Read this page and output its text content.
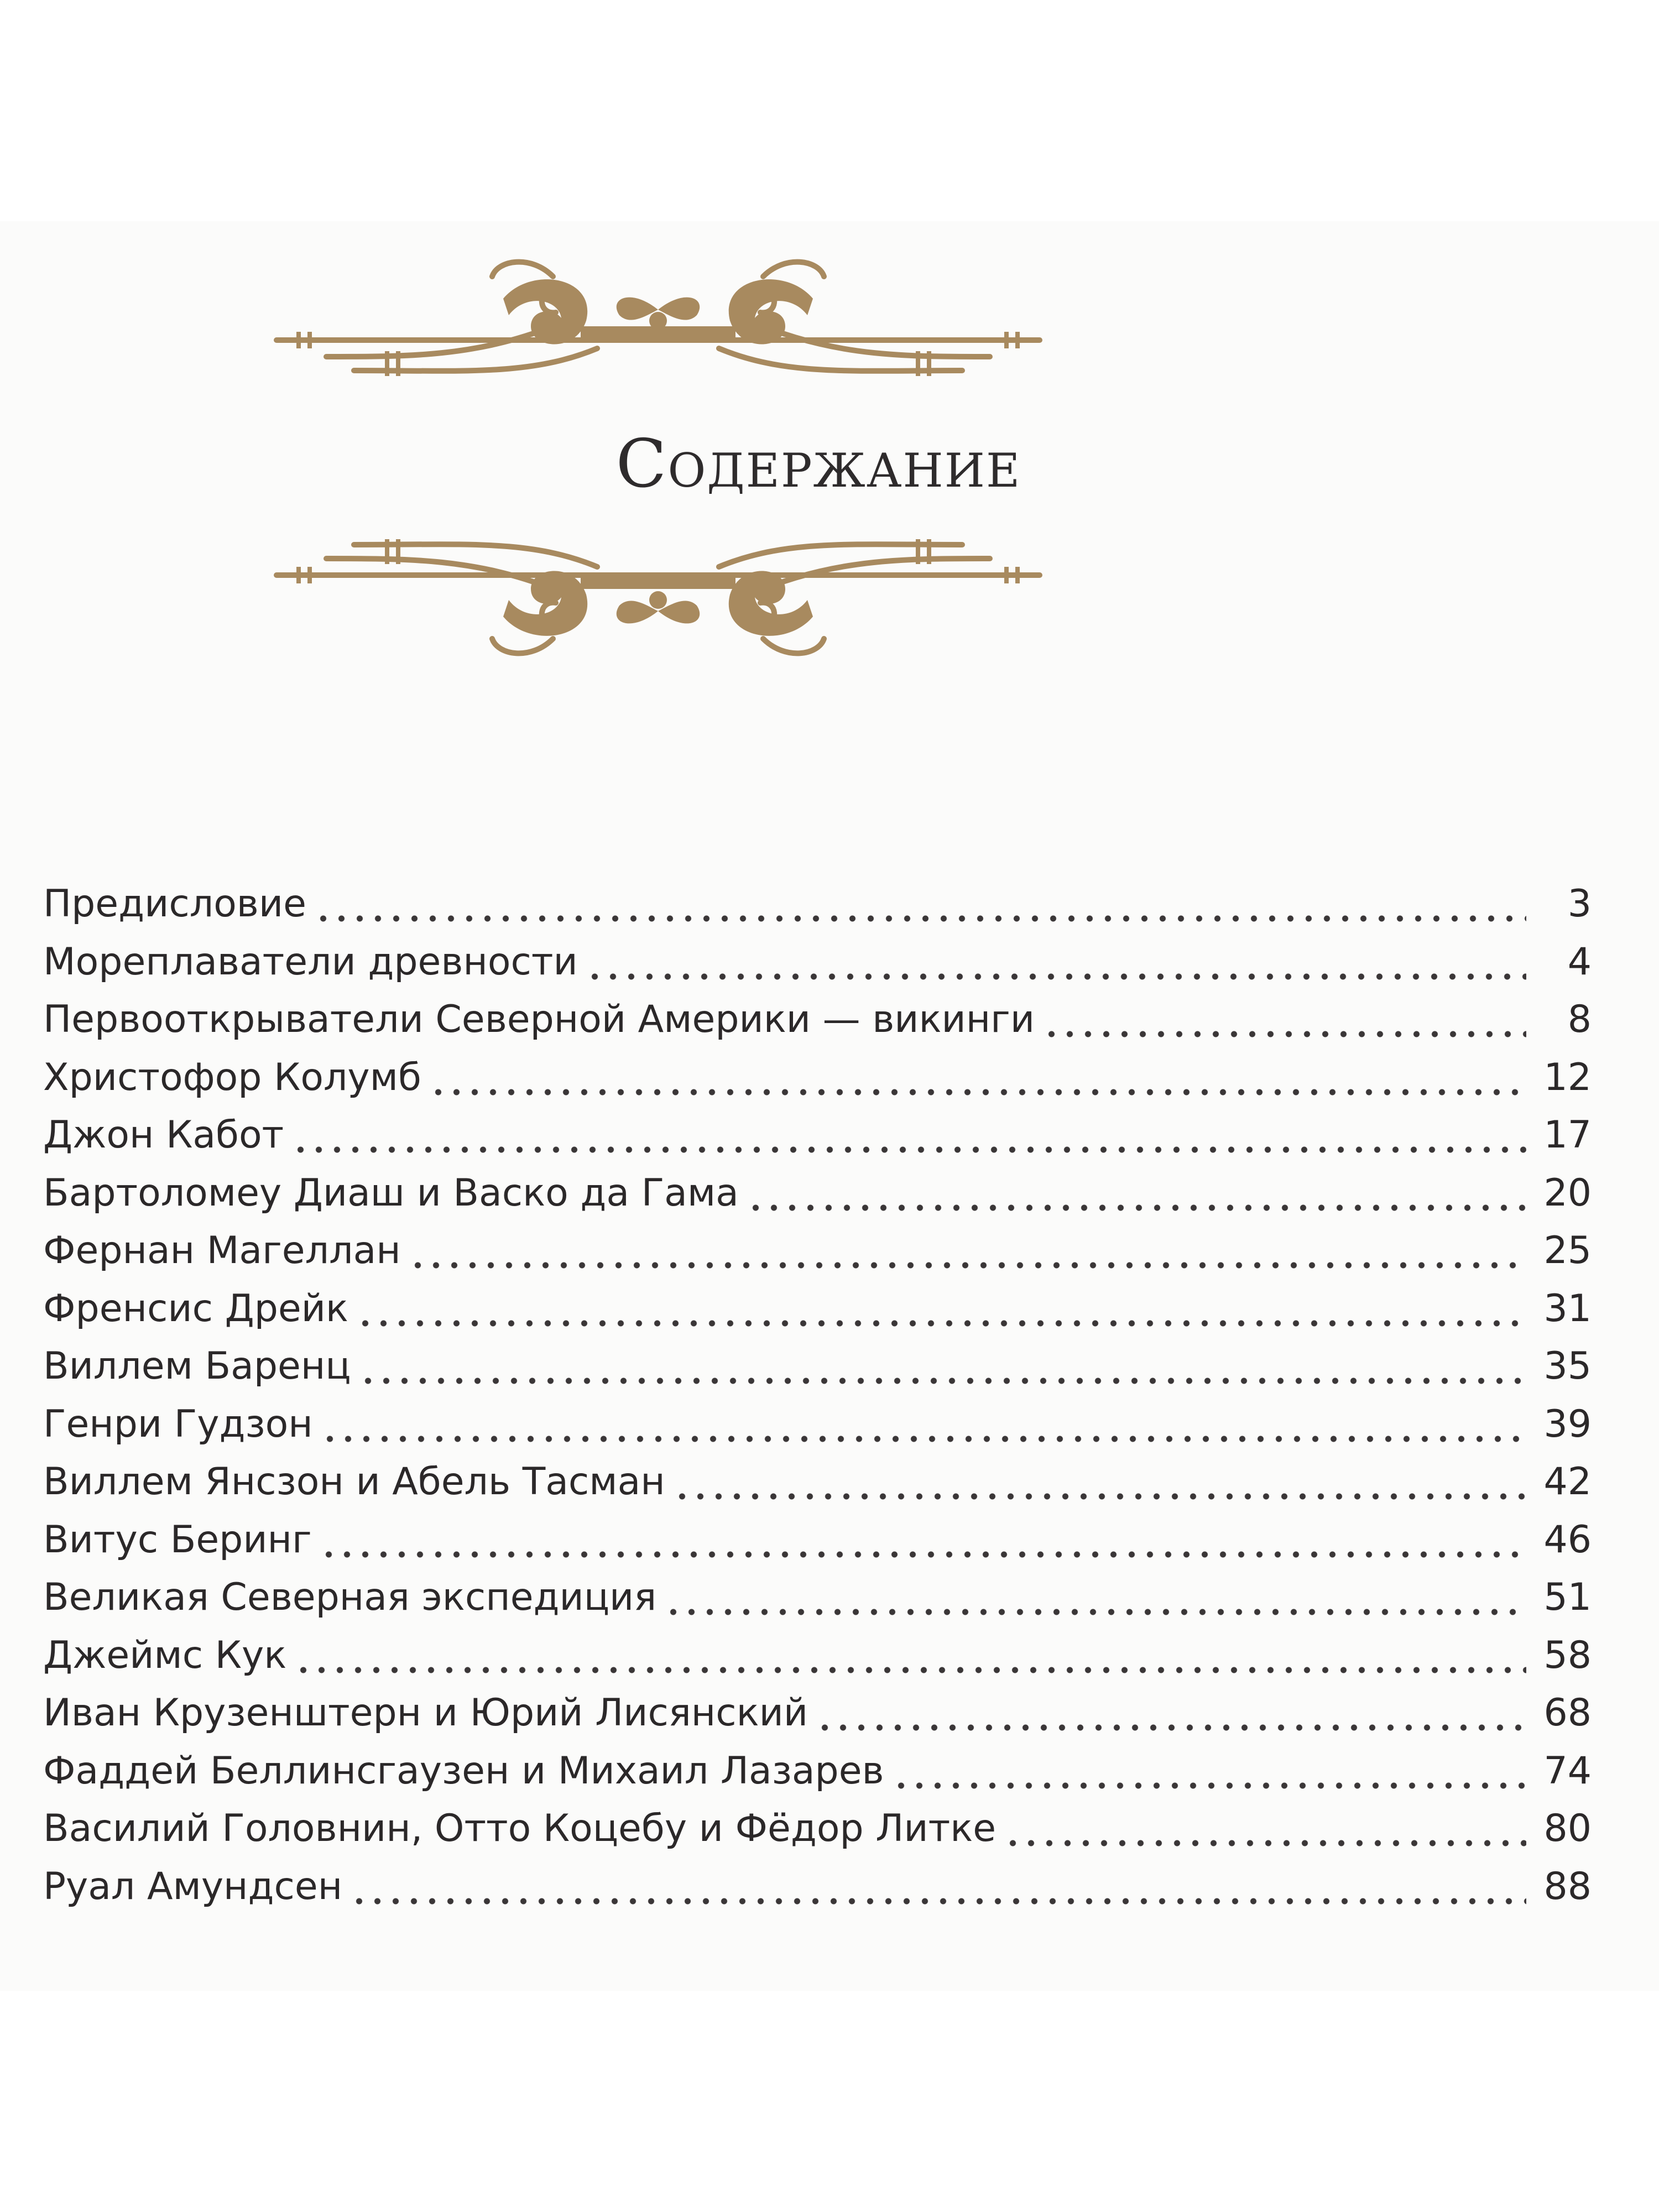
Содержание
Предисловие	3
Мореплаватели древности	4
Первооткрыватели Северной Америки — викинги	8
Христофор Колумб	12
Джон Кабот	17
Бартоломеу Диаш и Васко да Гама	20
Фернан Магеллан	25
Френсис Дрейк	31
Виллем Баренц	35
Генри Гудзон	39
Виллем Янсзон и Абель Тасман	42
Витус Беринг	46
Великая Северная экспедиция	51
Джеймс Кук	58
Иван Крузенштерн и Юрий Лисянский	68
Фаддей Беллинсгаузен и Михаил Лазарев	74
Василий Головнин, Отто Коцебу и Фёдор Литке	80
Руал Амундсен	88
